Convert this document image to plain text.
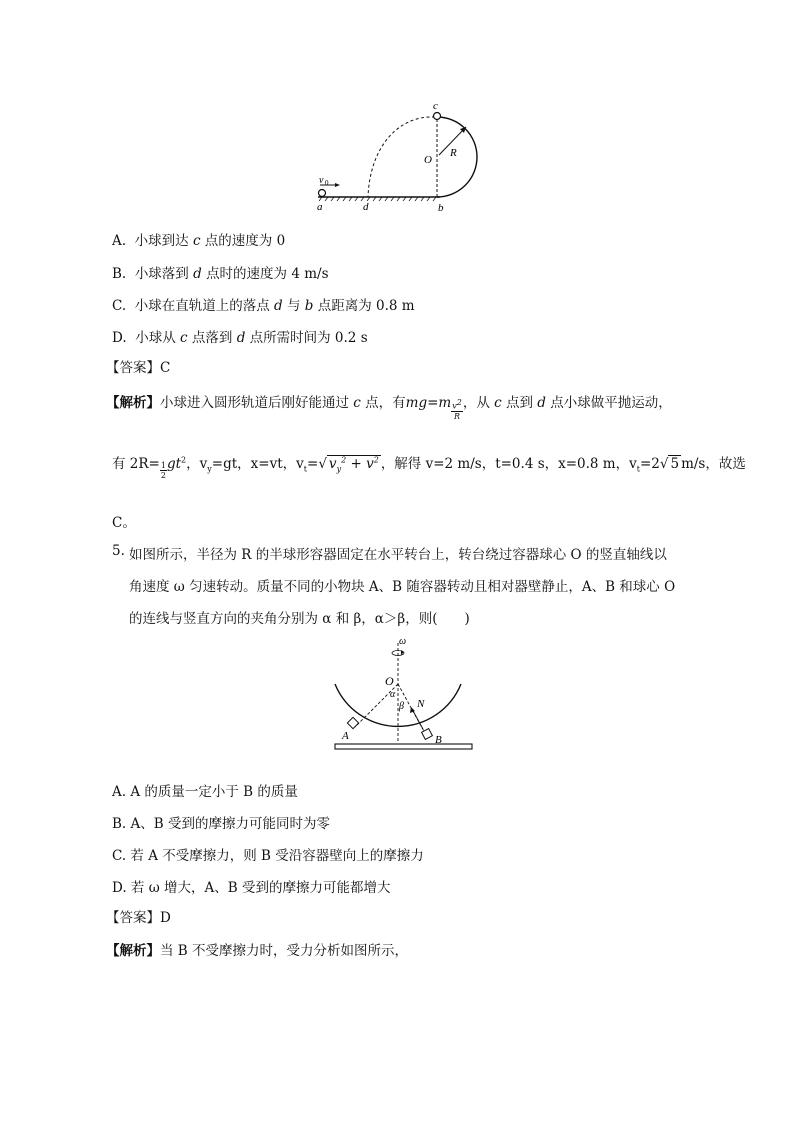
v 0
a	d	b
c
O
R
A. 小球到达 c 点的速度为 0
B. 小球落到 d 点时的速度为 4 m/s
C. 小球在直轨道上的落点 d 与 b 点距离为 0.8 m
D. 小球从 c 点落到 d 点所需时间为 0.2 s
【答案】C
【解析】小球进入圆形轨道后刚好能通过 c 点，有$mg=m \frac{v^2}{R}$ ，从 c 点到 d 点小球做平抛运动，
有 $2R= \frac{1}{2} gt^2$，$v_y=gt$，x=vt，$v_t=√$ $v_y^2 + v^2$ ，解得 v=2 m/s，t=0.4 s，x=0.8 m，$v_t=2√$ 5 m/s，故选
C。
5. 如图所示，半径为 R 的半球形容器固定在水平转台上，转台绕过容器球心 O 的竖直轴线以
角速度 ω 匀速转动。质量不同的小物块 A、B 随容器转动且相对器壁静止，A、B 和球心 O
的连线与竖直方向的夹角分别为 α 和 β，α＞β，则(　　)
ω
O
α
β N
A	B
A. A 的质量一定小于 B 的质量
B. A、B 受到的摩擦力可能同时为零
C. 若 A 不受摩擦力，则 B 受沿容器壁向上的摩擦力
D. 若 ω 增大，A、B 受到的摩擦力可能都增大
【答案】D
【解析】当 B 不受摩擦力时，受力分析如图所示，
